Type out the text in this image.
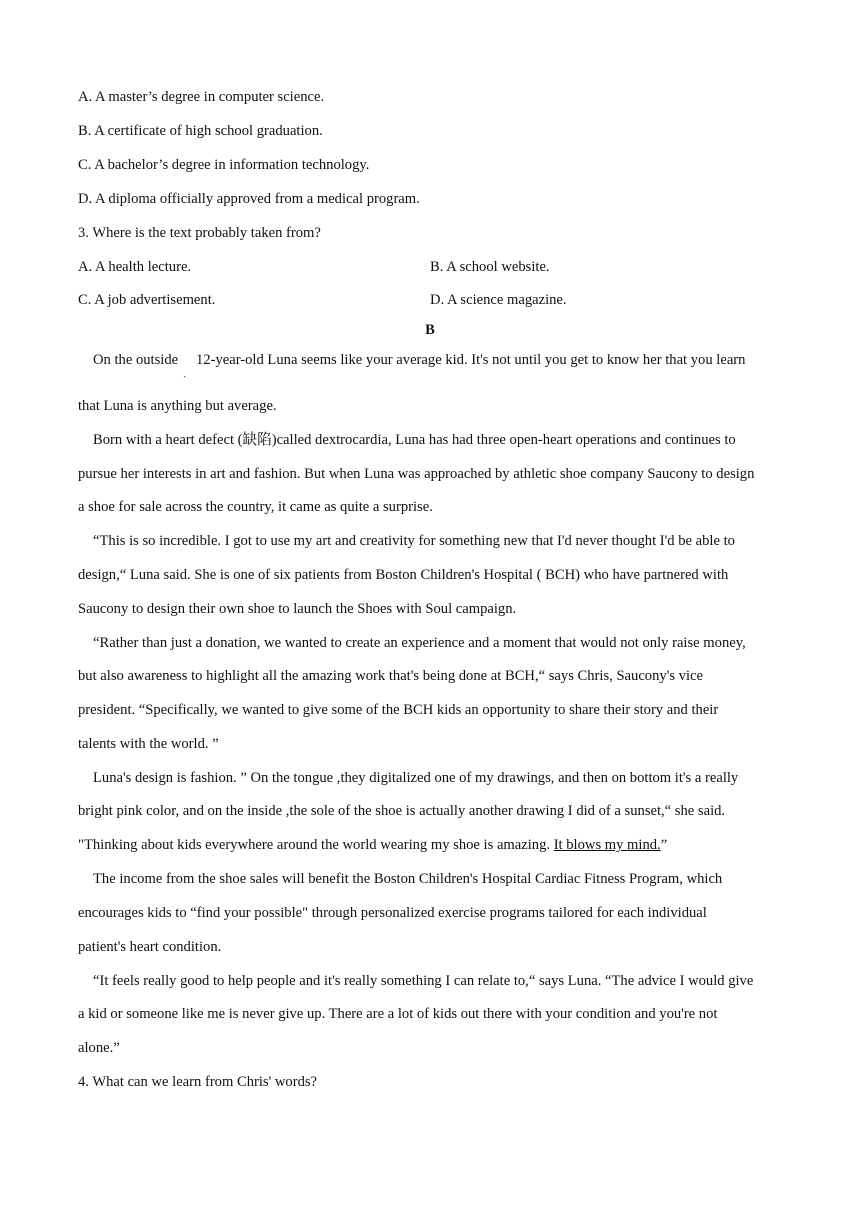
A. A master’s degree in computer science.
B. A certificate of high school graduation.
C. A bachelor’s degree in information technology.
D. A diploma officially approved from a medical program.
3. Where is the text probably taken from?
A. A health lecture.	B. A school website.
C. A job advertisement.	D. A science magazine.
B
On the outside
ˎ
12-year-old Luna seems like your average kid. It's not until you get to know her that you learn
that Luna is anything but average.
Born with a heart defect (缺陷)called dextrocardia, Luna has had three open-heart operations and continues to
pursue her interests in art and fashion. But when Luna was approached by athletic shoe company Saucony to design
a shoe for sale across the country, it came as quite a surprise.
“This is so incredible. I got to use my art and creativity for something new that I'd never thought I'd be able to
design,“ Luna said. She is one of six patients from Boston Children's Hospital ( BCH) who have partnered with
Saucony to design their own shoe to launch the Shoes with Soul campaign.
“Rather than just a donation, we wanted to create an experience and a moment that would not only raise money,
but also awareness to highlight all the amazing work that's being done at BCH,“ says Chris, Saucony's vice
president. “Specifically, we wanted to give some of the BCH kids an opportunity to share their story and their
talents with the world. ”
Luna's design is fashion. ” On the tongue ,they digitalized one of my drawings, and then on bottom it's a really
bright pink color, and on the inside ,the sole of the shoe is actually another drawing I did of a sunset,“ she said.
"Thinking about kids everywhere around the world wearing my shoe is amazing. It blows my mind.”
The income from the shoe sales will benefit the Boston Children's Hospital Cardiac Fitness Program, which
encourages kids to “find your possible" through personalized exercise programs tailored for each individual
patient's heart condition.
“It feels really good to help people and it's really something I can relate to,“ says Luna. “The advice I would give
a kid or someone like me is never give up. There are a lot of kids out there with your condition and you're not
alone.”
4. What can we learn from Chris' words?
